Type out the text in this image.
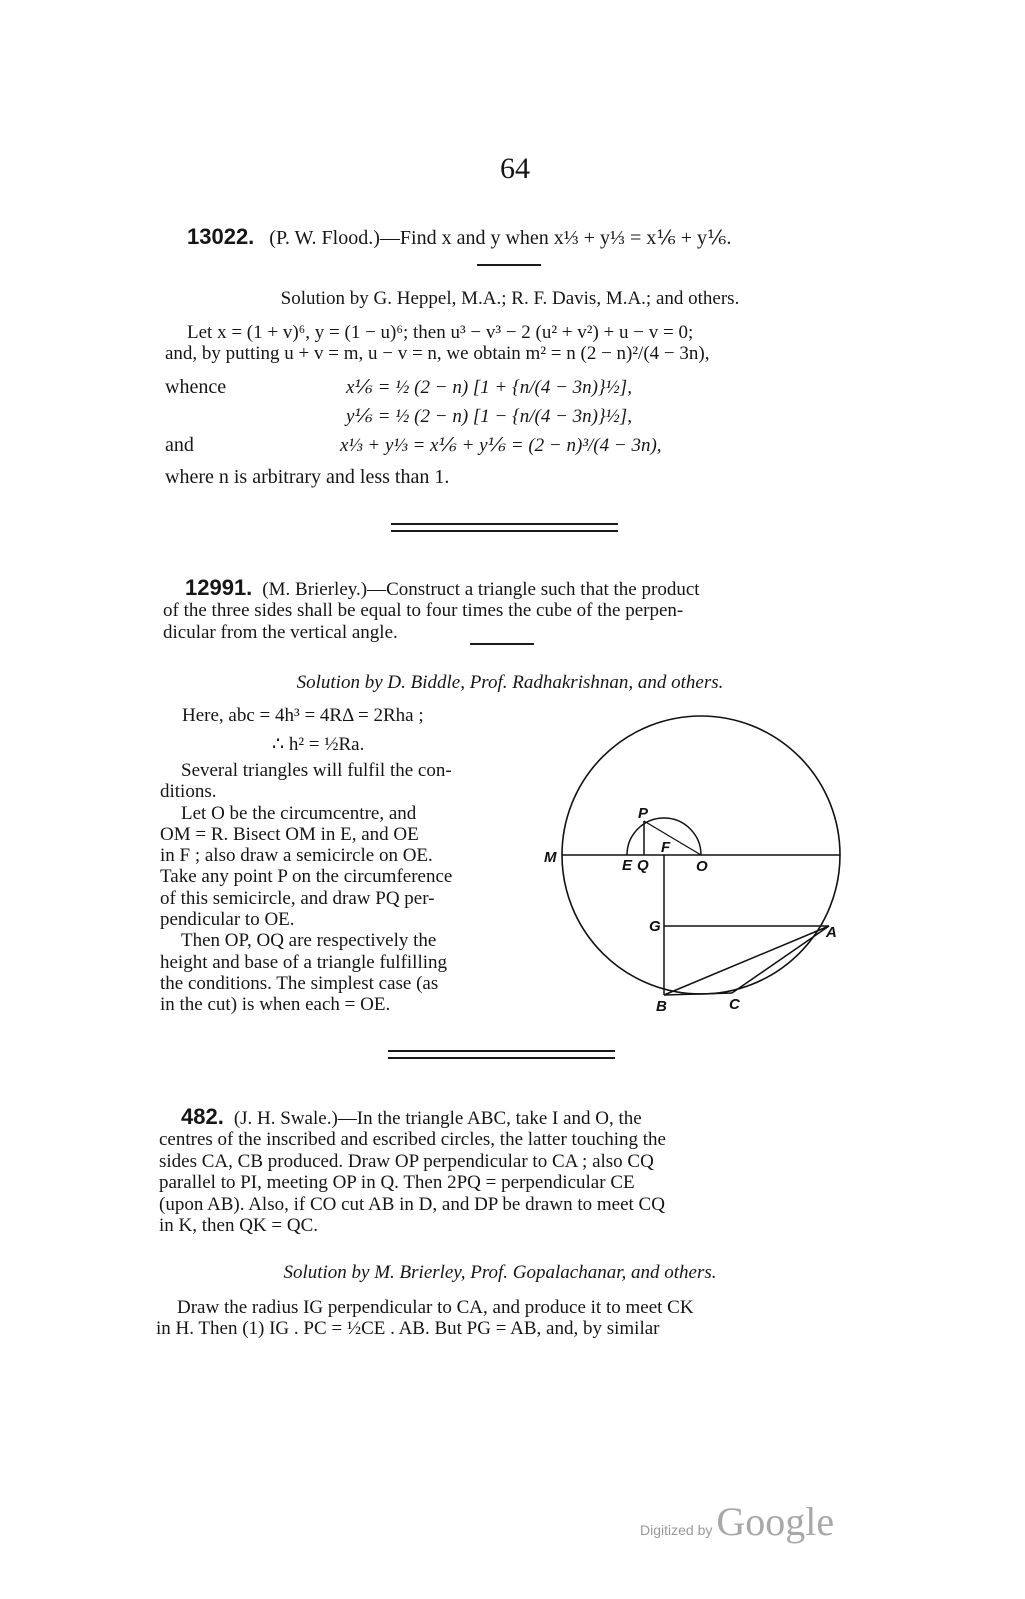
64
13022. (P. W. Flood.)—Find x and y when x⅓ + y⅓ = x⅙ + y⅙.
Solution by G. Heppel, M.A.; R. F. Davis, M.A.; and others.
Let x = (1 + v)⁶, y = (1 − u)⁶; then u³ − v³ − 2 (u² + v²) + u − v = 0;
and, by putting u + v = m, u − v = n, we obtain m² = n (2 − n)²/(4 − 3n),
whence	x⅙ = ½ (2 − n) [1 + {n/(4 − 3n)}½],
y⅙ = ½ (2 − n) [1 − {n/(4 − 3n)}½],
and	x⅓ + y⅓ = x⅙ + y⅙ = (2 − n)³/(4 − 3n),
where n is arbitrary and less than 1.
12991. (M. Brierley.)—Construct a triangle such that the product
of the three sides shall be equal to four times the cube of the perpen-
dicular from the vertical angle.
Solution by D. Biddle, Prof. Radhakrishnan, and others.
Here, abc = 4h³ = 4RΔ = 2Rha ;
∴ h² = ½Ra.
Several triangles will fulfil the con-
ditions.
Let O be the circumcentre, and
OM = R. Bisect OM in E, and OE
in F ; also draw a semicircle on OE.
Take any point P on the circumference
of this semicircle, and draw PQ per-
pendicular to OE.
Then OP, OQ are respectively the
height and base of a triangle fulfilling
the conditions. The simplest case (as
in the cut) is when each = OE.
M
P
F
E Q	O
G	A
B	C
482. (J. H. Swale.)—In the triangle ABC, take I and O, the
centres of the inscribed and escribed circles, the latter touching the
sides CA, CB produced. Draw OP perpendicular to CA ; also CQ
parallel to PI, meeting OP in Q. Then 2PQ = perpendicular CE
(upon AB). Also, if CO cut AB in D, and DP be drawn to meet CQ
in K, then QK = QC.
Solution by M. Brierley, Prof. Gopalachanar, and others.
Draw the radius IG perpendicular to CA, and produce it to meet CK
in H. Then (1) IG . PC = ½CE . AB. But PG = AB, and, by similar
Digitized by Google
